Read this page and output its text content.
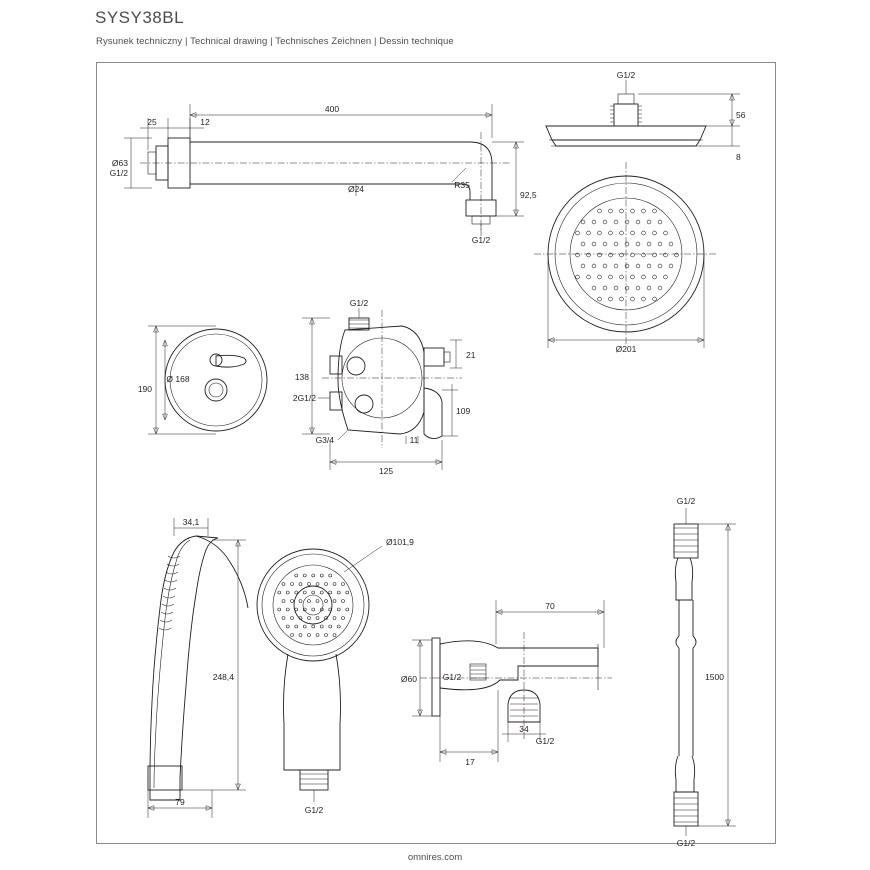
SYSY38BL
Rysunek techniczny | Technical drawing | Technisches Zeichnen | Dessin technique
omnires.com
400
25	12
Ø63
G1/2
Ø24	R35
92,5
G1/2
G1/2
56
8
Ø201
190
Ø 168
G1/2
138
21
2G1/2
G3/4	11
109
125
34,1
248,4
79
Ø101,9
G1/2
70
Ø60	G1/2
34
G1/2
17
G1/2
1500
G1/2
